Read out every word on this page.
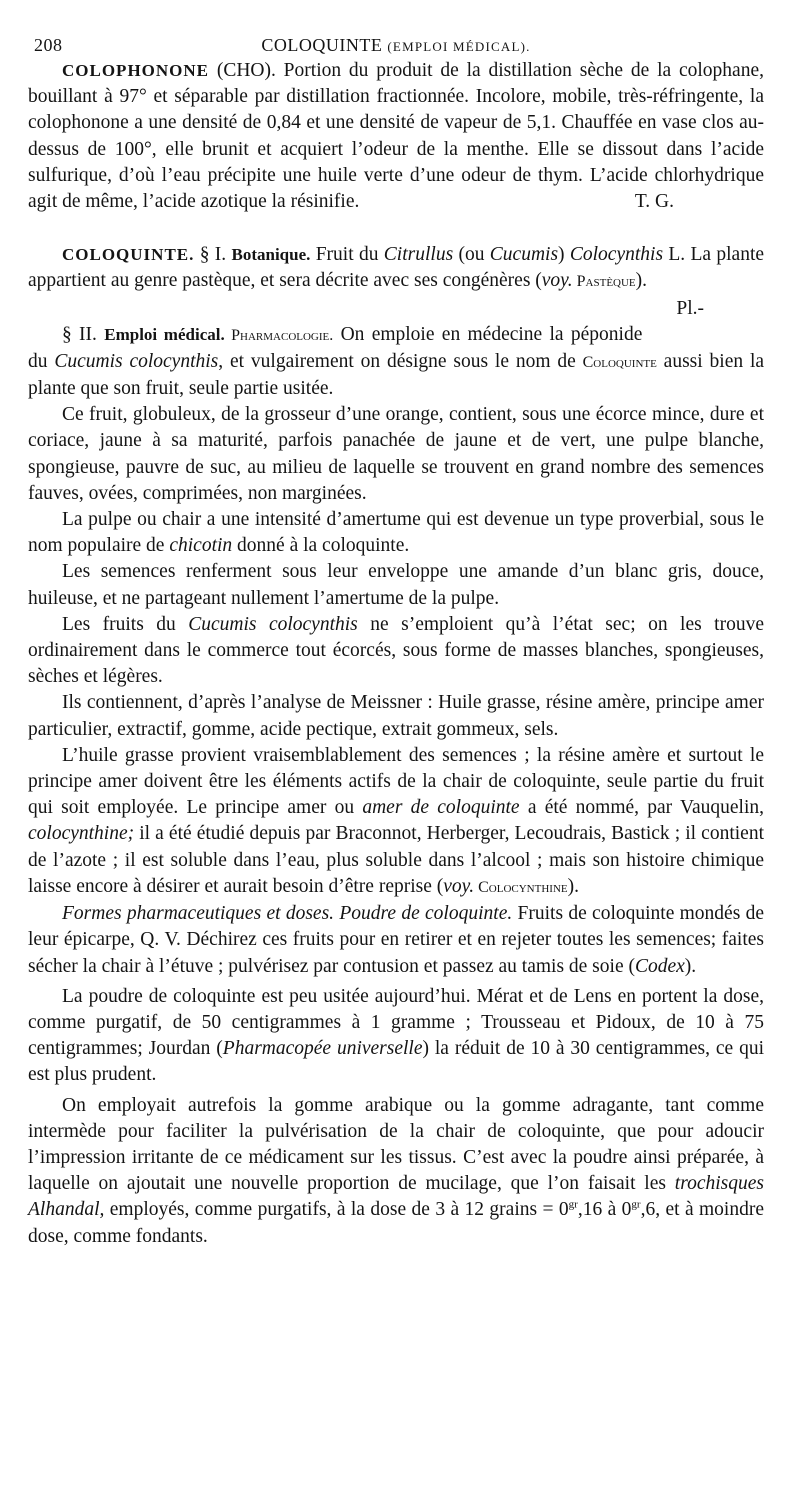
208	COLOQUINTE (EMPLOI MÉDICAL).

COLOPHONONE (CHO). Portion du produit de la distillation sèche de la colophane, bouillant à 97° et séparable par distillation fractionnée. Incolore, mobile, très-réfringente, la colophonone a une densité de 0,84 et une densité de vapeur de 5,1. Chauffée en vase clos au-dessus de 100°, elle brunit et acquiert l’odeur de la menthe. Elle se dissout dans l’acide sulfurique, d’où l’eau précipite une huile verte d’une odeur de thym. L’acide chlorhydrique agit de même, l’acide azotique la résinifie.	T. G.

COLOQUINTE. § I. Botanique. Fruit du Citrullus (ou Cucumis) Colocynthis L. La plante appartient au genre pastèque, et sera décrite avec ses congénères (voy. Pastèque).
Pl.-

§ II. Emploi médical. Pharmacologie. On emploie en médecine la péponide du Cucumis colocynthis, et vulgairement on désigne sous le nom de Coloquinte aussi bien la plante que son fruit, seule partie usitée.

Ce fruit, globuleux, de la grosseur d’une orange, contient, sous une écorce mince, dure et coriace, jaune à sa maturité, parfois panachée de jaune et de vert, une pulpe blanche, spongieuse, pauvre de suc, au milieu de laquelle se trouvent en grand nombre des semences fauves, ovées, comprimées, non marginées.

La pulpe ou chair a une intensité d’amertume qui est devenue un type proverbial, sous le nom populaire de chicotin donné à la coloquinte.

Les semences renferment sous leur enveloppe une amande d’un blanc gris, douce, huileuse, et ne partageant nullement l’amertume de la pulpe.

Les fruits du Cucumis colocynthis ne s’emploient qu’à l’état sec; on les trouve ordinairement dans le commerce tout écorcés, sous forme de masses blanches, spongieuses, sèches et légères.

Ils contiennent, d’après l’analyse de Meissner : Huile grasse, résine amère, principe amer particulier, extractif, gomme, acide pectique, extrait gommeux, sels.

L’huile grasse provient vraisemblablement des semences ; la résine amère et surtout le principe amer doivent être les éléments actifs de la chair de coloquinte, seule partie du fruit qui soit employée. Le principe amer ou amer de coloquinte a été nommé, par Vauquelin, colocynthine; il a été étudié depuis par Braconnot, Herberger, Lecoudrais, Bastick ; il contient de l’azote ; il est soluble dans l’eau, plus soluble dans l’alcool ; mais son histoire chimique laisse encore à désirer et aurait besoin d’être reprise (voy. Colocynthine).

Formes pharmaceutiques et doses. Poudre de coloquinte. Fruits de coloquinte mondés de leur épicarpe, Q. V. Déchirez ces fruits pour en retirer et en rejeter toutes les semences; faites sécher la chair à l’étuve ; pulvérisez par contusion et passez au tamis de soie (Codex).

La poudre de coloquinte est peu usitée aujourd’hui. Mérat et de Lens en portent la dose, comme purgatif, de 50 centigrammes à 1 gramme ; Trousseau et Pidoux, de 10 à 75 centigrammes; Jourdan (Pharmacopée universelle) la réduit de 10 à 30 centigrammes, ce qui est plus prudent.

On employait autrefois la gomme arabique ou la gomme adragante, tant comme intermède pour faciliter la pulvérisation de la chair de coloquinte, que pour adoucir l’impression irritante de ce médicament sur les tissus. C’est avec la poudre ainsi préparée, à laquelle on ajoutait une nouvelle proportion de mucilage, que l’on faisait les trochisques Alhandal, employés, comme purgatifs, à la dose de 3 à 12 grains = $0^{gr},16$ à $0^{gr},6$, et à moindre dose, comme fondants.
